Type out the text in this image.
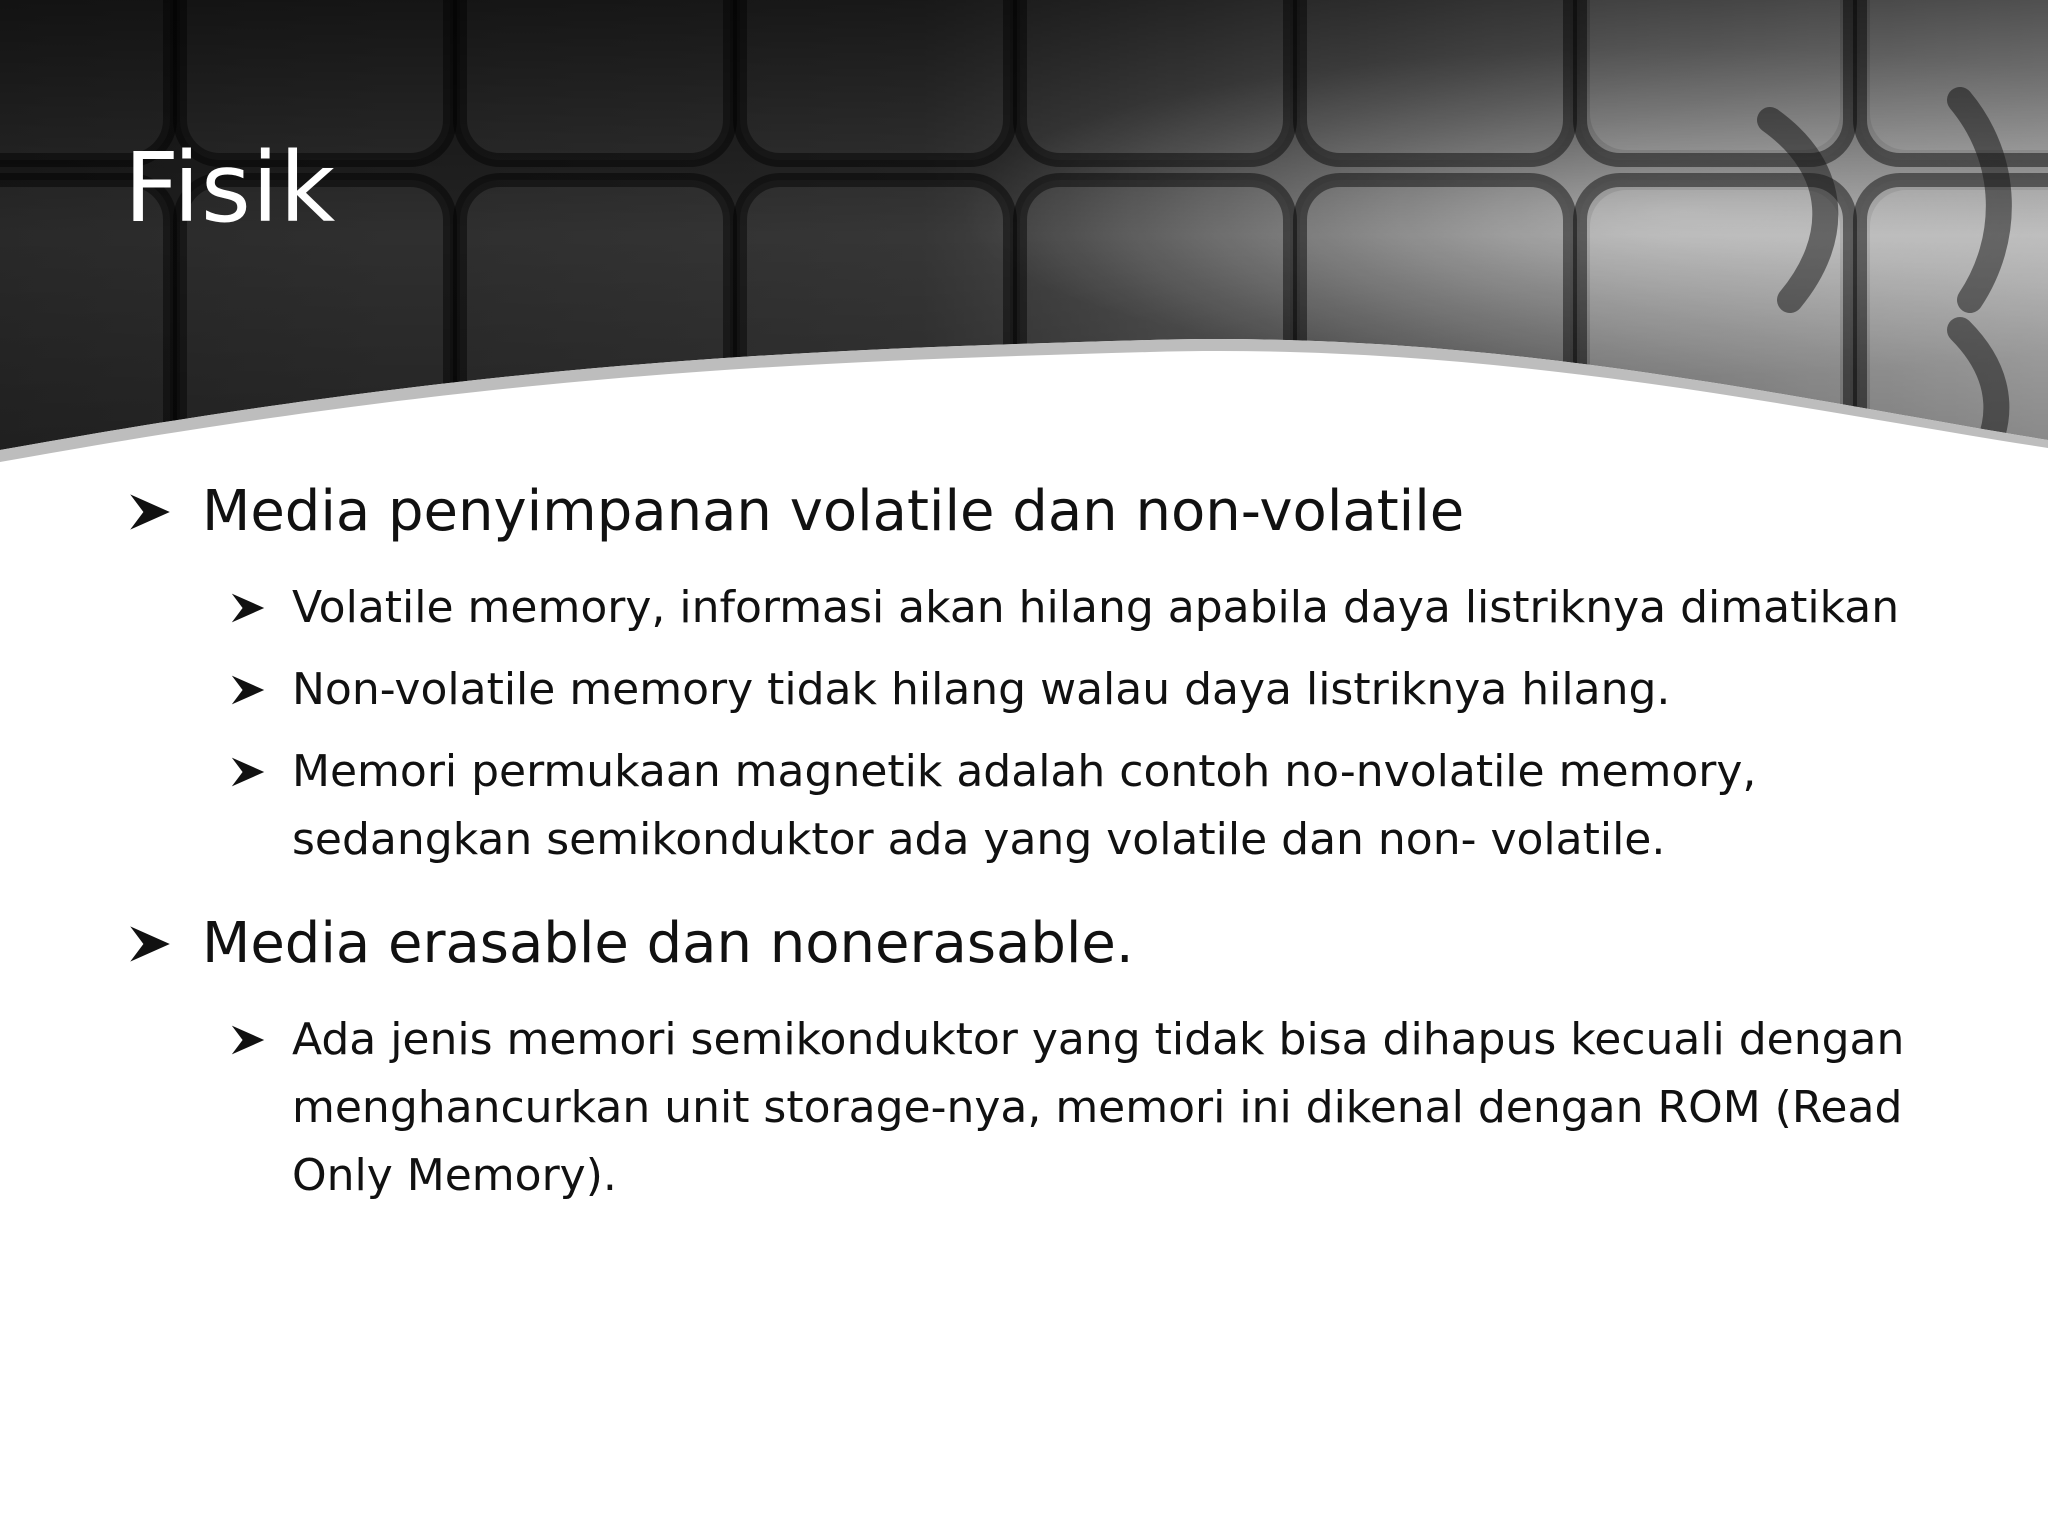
Fisik
Media penyimpanan volatile dan non-volatile
Volatile memory, informasi akan hilang apabila daya listriknya dimatikan
Non-volatile memory tidak hilang walau daya listriknya hilang.
Memori permukaan magnetik adalah contoh no-nvolatile memory, sedangkan semikonduktor ada yang volatile dan non- volatile.
Media erasable dan nonerasable.
Ada jenis memori semikonduktor yang tidak bisa dihapus kecuali dengan menghancurkan unit storage-nya, memori ini dikenal dengan ROM (Read Only Memory).
